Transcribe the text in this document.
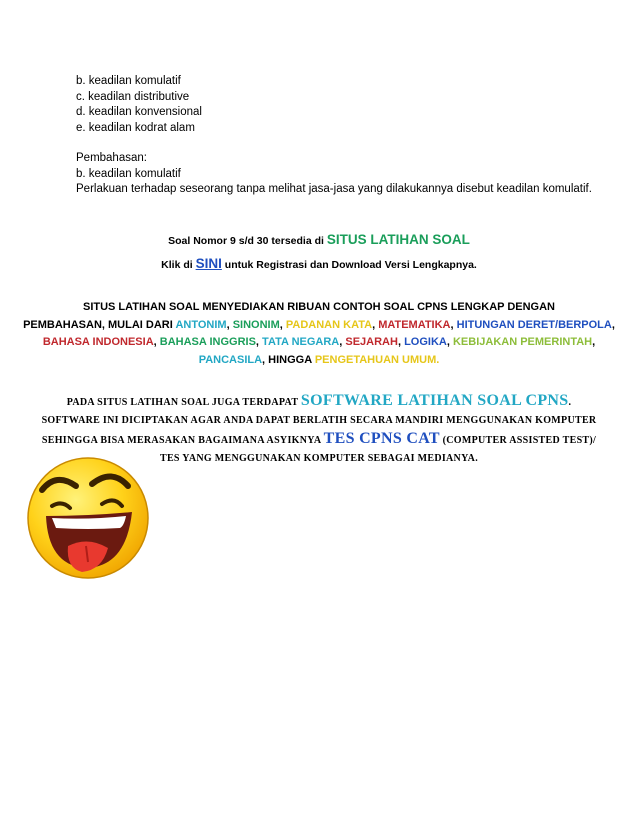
b. keadilan komulatif
c. keadilan distributive
d. keadilan konvensional
e. keadilan kodrat alam
Pembahasan:
b. keadilan komulatif
Perlakuan terhadap seseorang tanpa melihat jasa-jasa yang dilakukannya disebut keadilan komulatif.
Soal Nomor 9 s/d 30 tersedia di SITUS LATIHAN SOAL
Klik di SINI untuk Registrasi dan Download Versi Lengkapnya.
SITUS LATIHAN SOAL MENYEDIAKAN RIBUAN CONTOH SOAL CPNS LENGKAP DENGAN
PEMBAHASAN, MULAI DARI ANTONIM, SINONIM, PADANAN KATA, MATEMATIKA, HITUNGAN DERET/BERPOLA,
BAHASA INDONESIA, BAHASA INGGRIS, TATA NEGARA, SEJARAH, LOGIKA, KEBIJAKAN PEMERINTAH,
PANCASILA, HINGGA PENGETAHUAN UMUM.
PADA SITUS LATIHAN SOAL JUGA TERDAPAT SOFTWARE LATIHAN SOAL CPNS.
SOFTWARE INI DICIPTAKAN AGAR ANDA DAPAT BERLATIH SECARA MANDIRI MENGGUNAKAN KOMPUTER
SEHINGGA BISA MERASAKAN BAGAIMANA ASYIKNYA TES CPNS CAT (COMPUTER ASSISTED TEST)/
TES YANG MENGGUNAKAN KOMPUTER SEBAGAI MEDIANYA.
